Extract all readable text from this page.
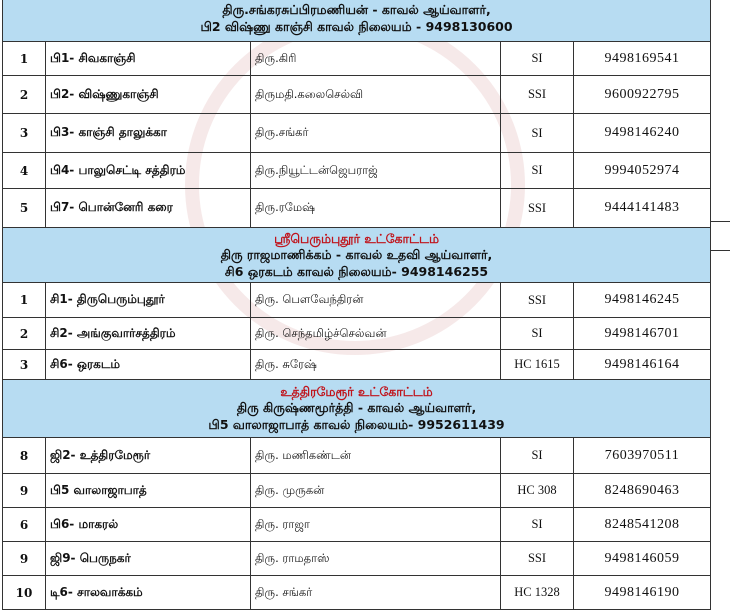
திரு.சங்கரசுப்பிரமணியன் - காவல் ஆய்வாளர்,
பி2 விஷ்ணு காஞ்சி காவல் நிலையம் - 9498130600				

1	பி1- சிவகாஞ்சி	திரு.கிரி	SI	9498169541
2	பி2- விஷ்ணுகாஞ்சி	திருமதி.கலைசெல்வி	SSI	9600922795
3	பி3- காஞ்சி தாலுக்கா	திரு.சங்கர்	SI	9498146240
4	பி4- பாலுசெட்டி சத்திரம்	திரு.நியூட்டன்ஜெபராஜ்	SI	9994052974
5	பி7- பொன்னேரி கரை	திரு.ரமேஷ்	SSI	9444141483

ஸ்ரீபெரும்புதூர் உட்கோட்டம்
திரு ராஜமாணிக்கம் - காவல் உதவி ஆய்வாளர்,
சி6 ஒரகடம் காவல் நிலையம்- 9498146255				

1	சி1- திருபெரும்புதூர்	திரு. பௌவேந்திரன்	SSI	9498146245
2	சி2- அங்குவார்சத்திரம்	திரு. செந்தமிழ்ச்செல்வன்	SI	9498146701
3	சி6- ஒரகடம்	திரு. சுரேஷ்	HC 1615	9498146164

உத்திரமேரூர் உட்கோட்டம்
திரு கிருஷ்ணமூர்த்தி - காவல் ஆய்வாளர்,
பி5 வாலாஜாபாத் காவல் நிலையம்- 9952611439				

8	ஜி2- உத்திரமேரூர்	திரு. மணிகண்டன்	SI	7603970511
9	பி5 வாலாஜாபாத்	திரு. முருகன்	HC 308	8248690463
6	பி6- மாகரல்	திரு. ராஜா	SI	8248541208
9	ஜி9- பெருநகர்	திரு. ராமதாஸ்	SSI	9498146059
10	டி6- சாலவாக்கம்	திரு. சங்கர்	HC 1328	9498146190
